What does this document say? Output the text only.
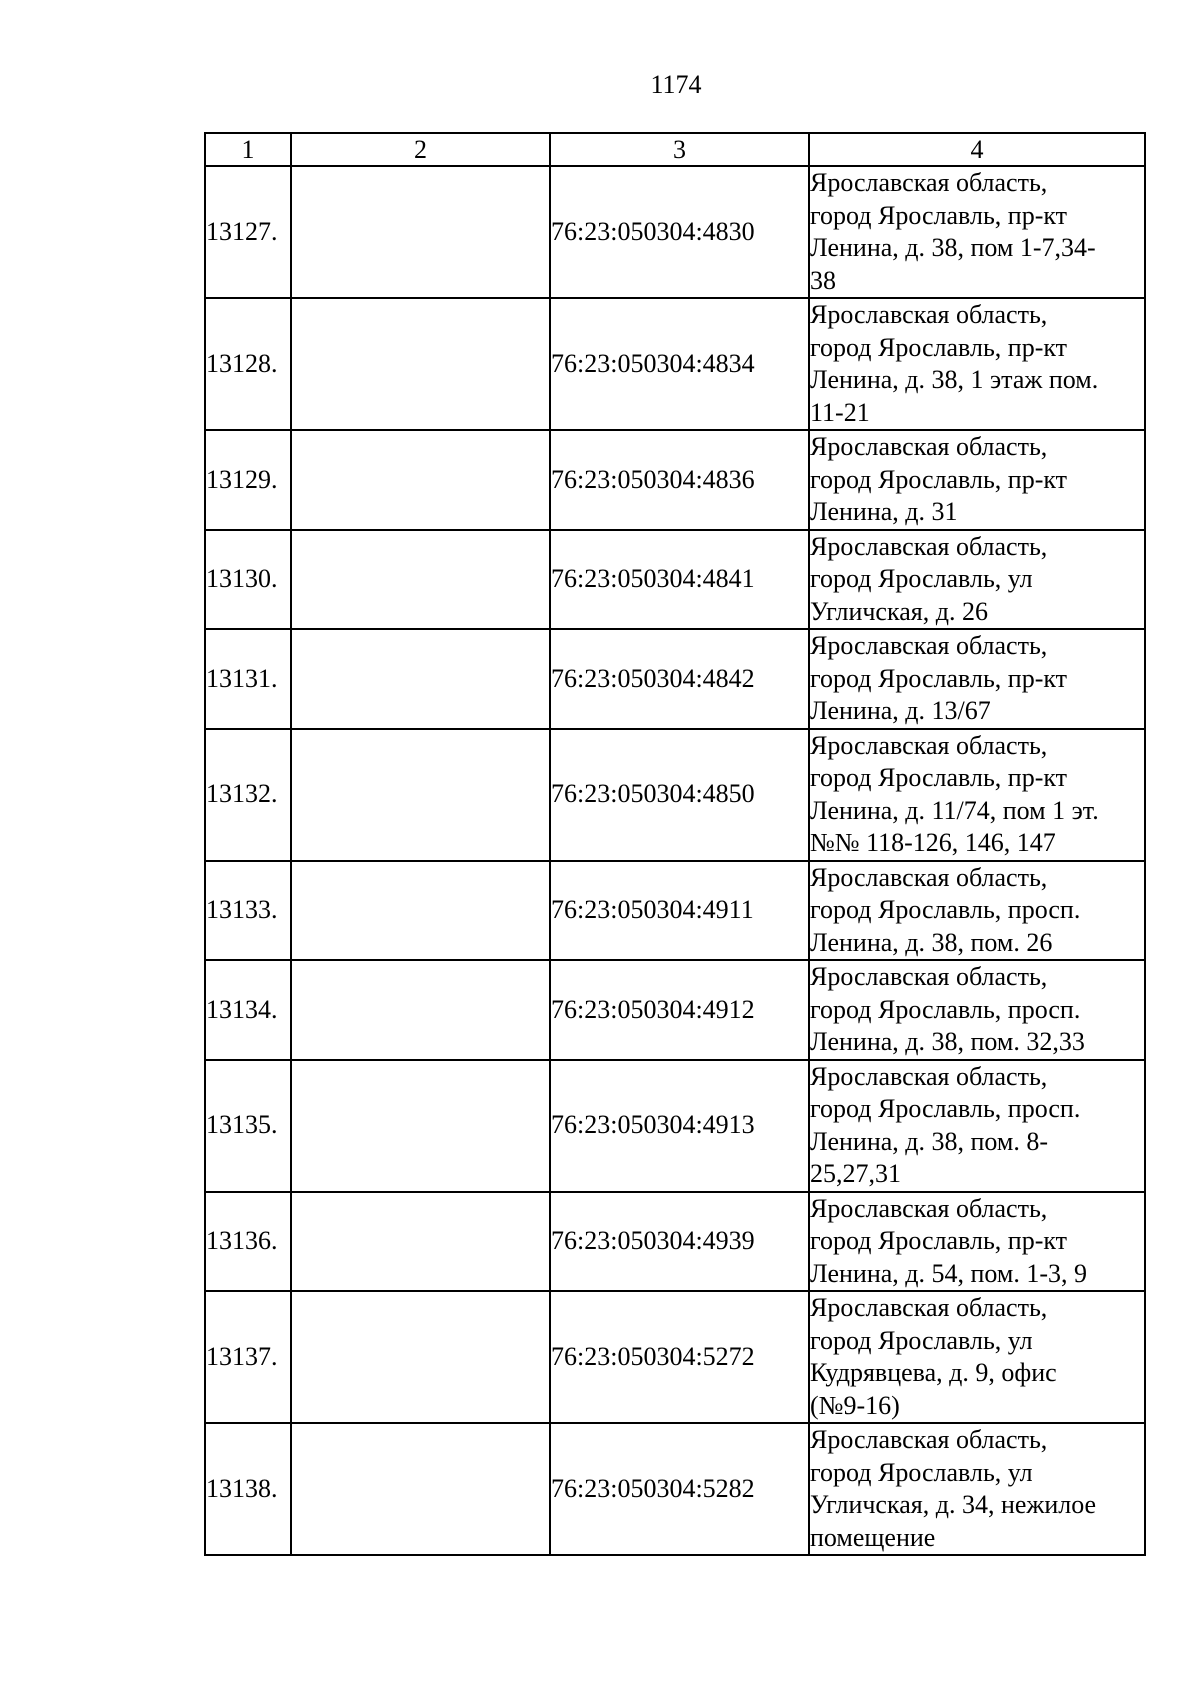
1174
1	2	3	4
13127.		76:23:050304:4830	Ярославская область,
город Ярославль, пр-кт
Ленина, д. 38, пом 1-7,34-
38
13128.		76:23:050304:4834	Ярославская область,
город Ярославль, пр-кт
Ленина, д. 38, 1 этаж пом.
11-21
13129.		76:23:050304:4836	Ярославская область,
город Ярославль, пр-кт
Ленина, д. 31
13130.		76:23:050304:4841	Ярославская область,
город Ярославль, ул
Угличская, д. 26
13131.		76:23:050304:4842	Ярославская область,
город Ярославль, пр-кт
Ленина, д. 13/67
13132.		76:23:050304:4850	Ярославская область,
город Ярославль, пр-кт
Ленина, д. 11/74, пом 1 эт.
№№ 118-126, 146, 147
13133.		76:23:050304:4911	Ярославская область,
город Ярославль, просп.
Ленина, д. 38, пом. 26
13134.		76:23:050304:4912	Ярославская область,
город Ярославль, просп.
Ленина, д. 38, пом. 32,33
13135.		76:23:050304:4913	Ярославская область,
город Ярославль, просп.
Ленина, д. 38, пом. 8-
25,27,31
13136.		76:23:050304:4939	Ярославская область,
город Ярославль, пр-кт
Ленина, д. 54, пом. 1-3, 9
13137.		76:23:050304:5272	Ярославская область,
город Ярославль, ул
Кудрявцева, д. 9, офис
(№9-16)
13138.		76:23:050304:5282	Ярославская область,
город Ярославль, ул
Угличская, д. 34, нежилое
помещение
